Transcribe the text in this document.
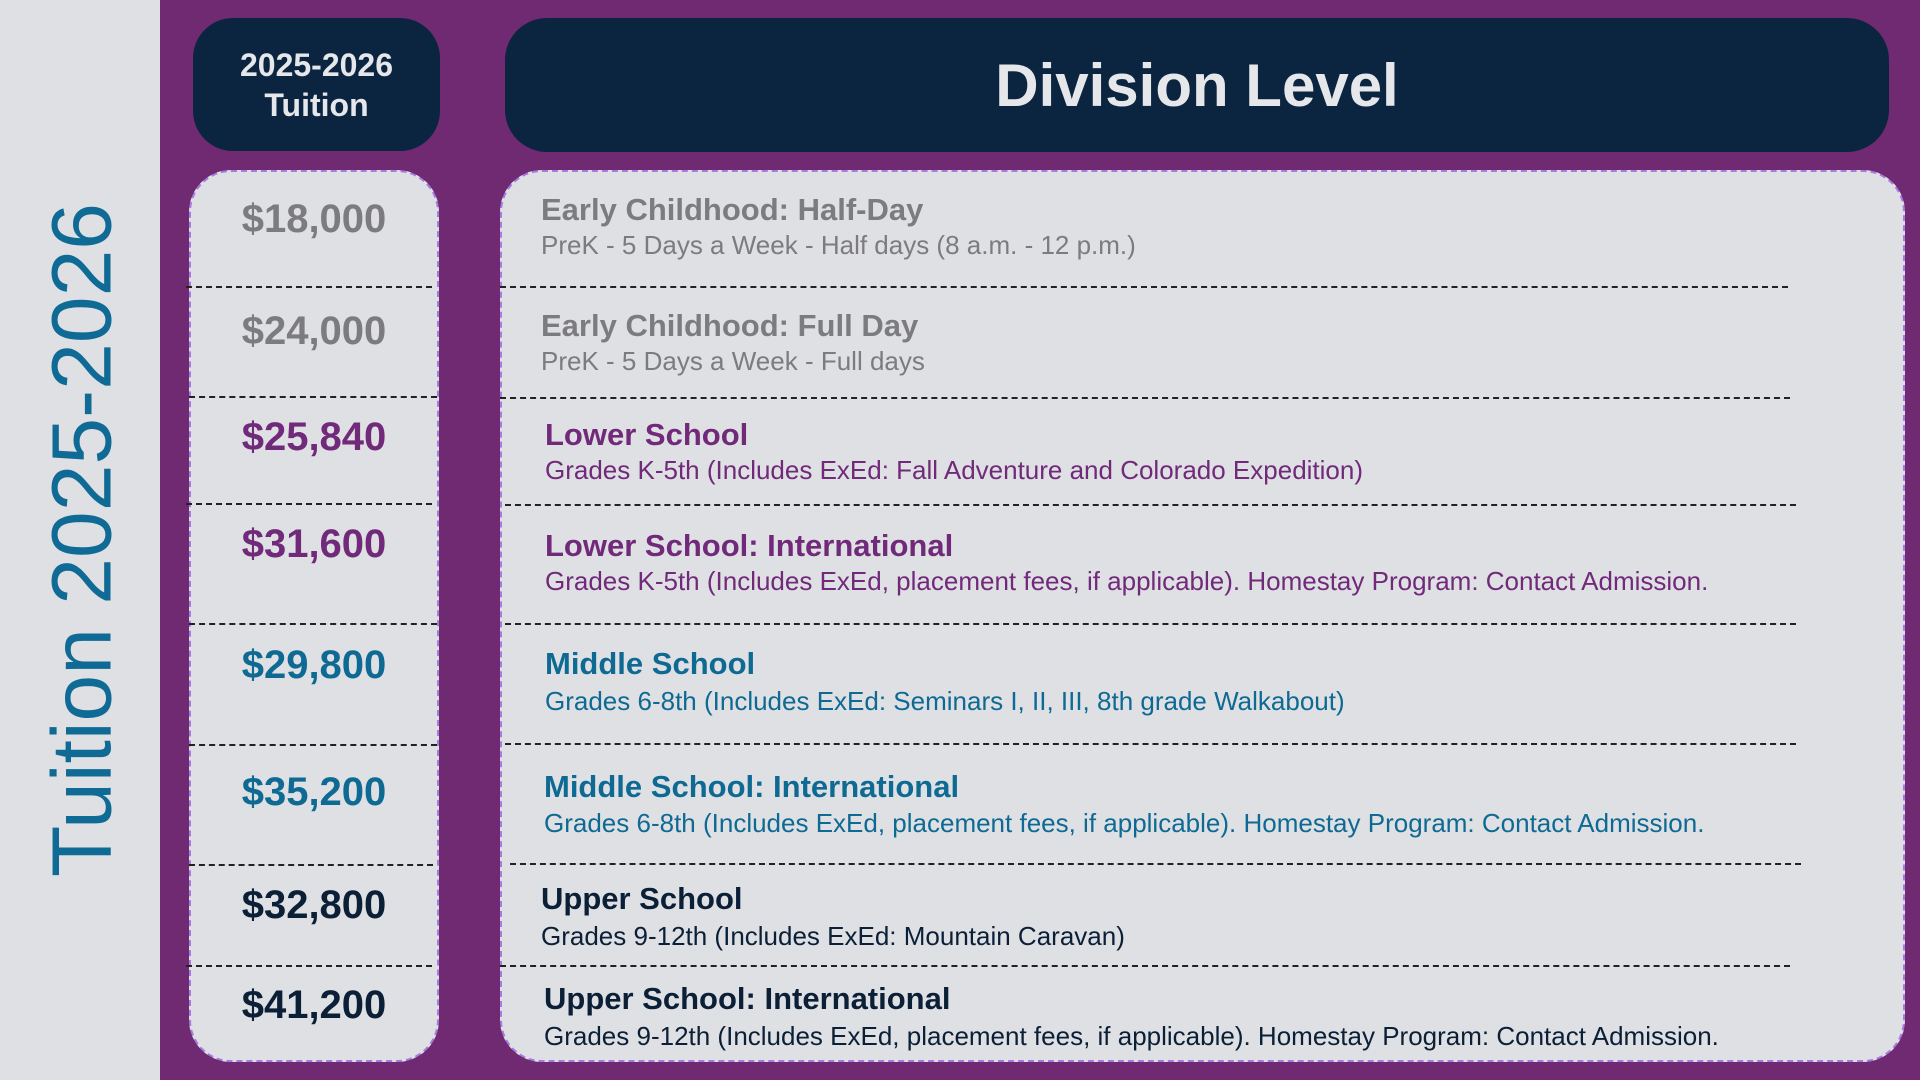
Tuition 2025-2026
2025-2026
Tuition	Division Level
$18,000	Early Childhood: Half-Day
PreK - 5 Days a Week - Half days (8 a.m. - 12 p.m.)
$24,000	Early Childhood: Full Day
PreK - 5 Days a Week - Full days
$25,840	Lower School
Grades K-5th (Includes ExEd: Fall Adventure and Colorado Expedition)
$31,600	Lower School: International
Grades K-5th (Includes ExEd, placement fees, if applicable). Homestay Program: Contact Admission.
$29,800	Middle School
Grades 6-8th (Includes ExEd: Seminars I, II, III, 8th grade Walkabout)
$35,200	Middle School: International
Grades 6-8th (Includes ExEd, placement fees, if applicable). Homestay Program: Contact Admission.
$32,800	Upper School
Grades 9-12th (Includes ExEd: Mountain Caravan)
$41,200	Upper School: International
Grades 9-12th (Includes ExEd, placement fees, if applicable). Homestay Program: Contact Admission.
